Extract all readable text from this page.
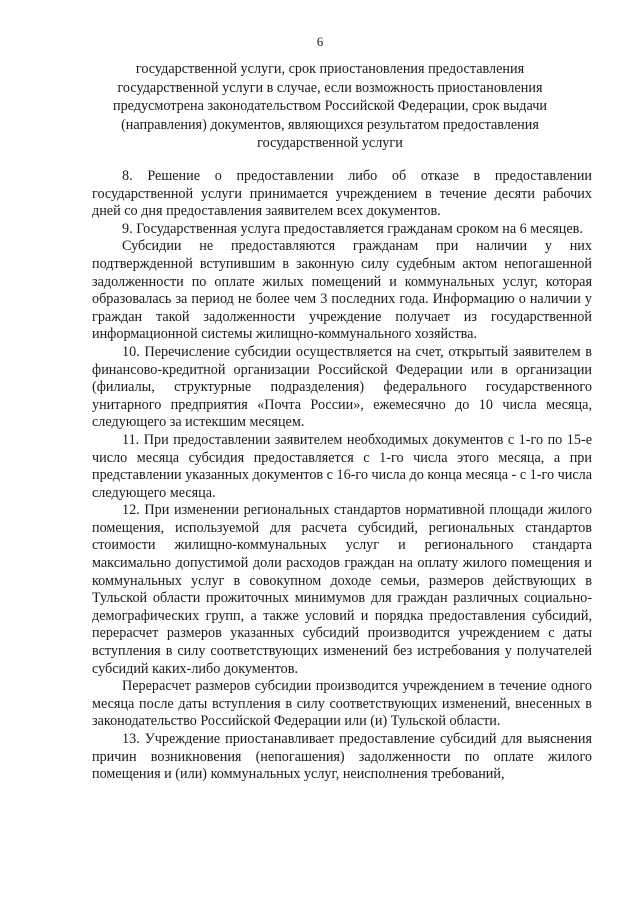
6
государственной услуги, срок приостановления предоставления
государственной услуги в случае, если возможность приостановления
предусмотрена законодательством Российской Федерации, срок выдачи
(направления) документов, являющихся результатом предоставления
государственной услуги

8. Решение о предоставлении либо об отказе в предоставлении государственной услуги принимается учреждением в течение десяти рабочих дней со дня предоставления заявителем всех документов.

9. Государственная услуга предоставляется гражданам сроком на 6 месяцев.

Субсидии не предоставляются гражданам при наличии у них подтвержденной вступившим в законную силу судебным актом непогашенной задолженности по оплате жилых помещений и коммунальных услуг, которая образовалась за период не более чем 3 последних года. Информацию о наличии у граждан такой задолженности учреждение получает из государственной информационной системы жилищно-коммунального хозяйства.

10. Перечисление субсидии осуществляется на счет, открытый заявителем в финансово-кредитной организации Российской Федерации или в организации (филиалы, структурные подразделения) федерального государственного унитарного предприятия «Почта России», ежемесячно до 10 числа месяца, следующего за истекшим месяцем.

11. При предоставлении заявителем необходимых документов с 1-го по 15-е число месяца субсидия предоставляется с 1-го числа этого месяца, а при представлении указанных документов с 16-го числа до конца месяца - с 1-го числа следующего месяца.

12. При изменении региональных стандартов нормативной площади жилого помещения, используемой для расчета субсидий, региональных стандартов стоимости жилищно-коммунальных услуг и регионального стандарта максимально допустимой доли расходов граждан на оплату жилого помещения и коммунальных услуг в совокупном доходе семьи, размеров действующих в Тульской области прожиточных минимумов для граждан различных социально-демографических групп, а также условий и порядка предоставления субсидий, перерасчет размеров указанных субсидий производится учреждением с даты вступления в силу соответствующих изменений без истребования у получателей субсидий каких-либо документов.

Перерасчет размеров субсидии производится учреждением в течение одного месяца после даты вступления в силу соответствующих изменений, внесенных в законодательство Российской Федерации или (и) Тульской области.

13. Учреждение приостанавливает предоставление субсидий для выяснения причин возникновения (непогашения) задолженности по оплате жилого помещения и (или) коммунальных услуг, неисполнения требований,
